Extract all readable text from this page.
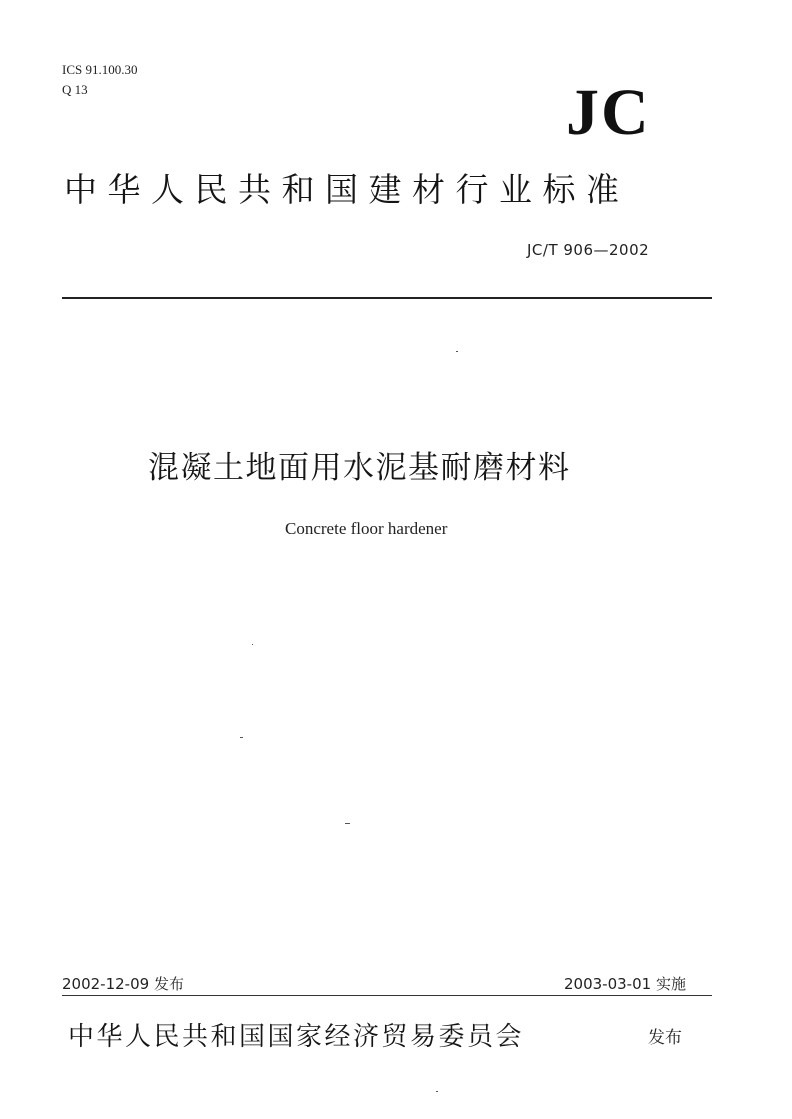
ICS 91.100.30
Q 13	JC
中华人民共和国建材行业标准
JC/T 906—2002
混凝土地面用水泥基耐磨材料
Concrete floor hardener
2002-12-09 发布	2003-03-01 实施
中华人民共和国国家经济贸易委员会	发布
